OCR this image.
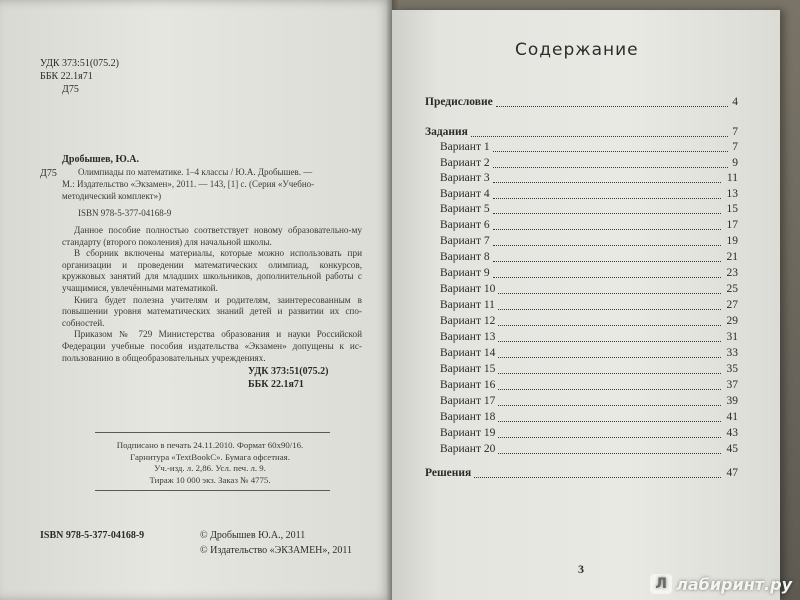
УДК 373:51(075.2)
ББК 22.1я71
Д75
Д75
Дробышев, Ю.А.
Олимпиады по математике. 1–4 классы / Ю.А. Дробышев. —
М.: Издательство «Экзамен», 2011. — 143, [1] с. (Серия «Учебно-
методический комплект»)
ISBN 978-5-377-04168-9

Данное пособие полностью соответствует новому образовательно-му стандарту (второго поколения) для начальной школы.

В сборник включены материалы, которые можно использовать при организации и проведении математических олимпиад, конкурсов, кружковых занятий для младших школьников, дополнительной работы с учащимися, увлечёнными математикой.

Книга будет полезна учителям и родителям, заинтересованным в повышении уровня математических знаний детей и развитии их спо-собностей.

Приказом № 729 Министерства образования и науки Российской Федерации учебные пособия издательства «Экзамен» допущены к ис-пользованию в общеобразовательных учреждениях.

УДК 373:51(075.2)
ББК 22.1я71
Подписано в печать 24.11.2010. Формат 60х90/16.
Гарнитура «TextBookC». Бумага офсетная.
Уч.-изд. л. 2,86. Усл. печ. л. 9.
Тираж 10 000 экз. Заказ № 4775.
ISBN 978-5-377-04168-9	© Дробышев Ю.А., 2011
© Издательство «ЭКЗАМЕН», 2011
Содержание
Предисловие	4
Задания	7
Вариант 1	7
Вариант 2	9
Вариант 3	11
Вариант 4	13
Вариант 5	15
Вариант 6	17
Вариант 7	19
Вариант 8	21
Вариант 9	23
Вариант 10	25
Вариант 11	27
Вариант 12	29
Вариант 13	31
Вариант 14	33
Вариант 15	35
Вариант 16	37
Вариант 17	39
Вариант 18	41
Вариант 19	43
Вариант 20	45
Решения	47
3
Л лабиринт.ру
